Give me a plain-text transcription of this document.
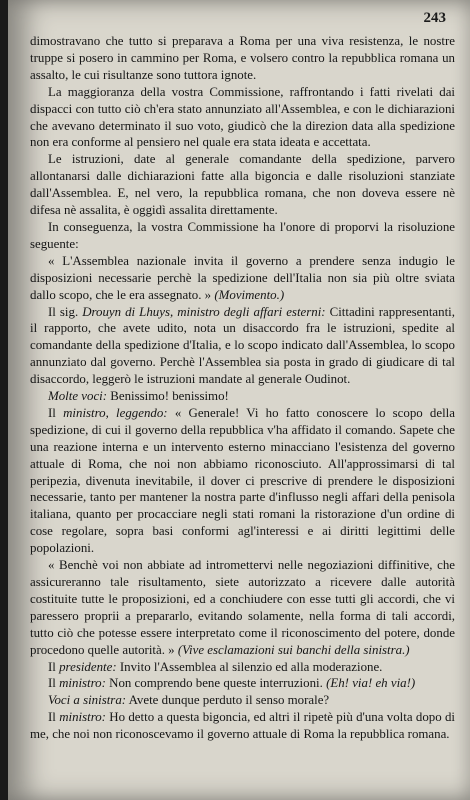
243

dimostravano che tutto si preparava a Roma per una viva resistenza, le nostre truppe si posero in cammino per Roma, e volsero contro la repubblica romana un assalto, le cui risultanze sono tuttora ignote.

La maggioranza della vostra Commissione, raffrontando i fatti rivelati dai dispacci con tutto ciò ch'era stato annunziato all'Assemblea, e con le dichiarazioni che avevano determinato il suo voto, giudicò che la direzion data alla spedizione non era conforme al pensiero nel quale era stata ideata e accettata.

Le istruzioni, date al generale comandante della spedizione, parvero allontanarsi dalle dichiarazioni fatte alla bigoncia e dalle risoluzioni stanziate dall'Assemblea. E, nel vero, la repubblica romana, che non doveva essere nè difesa nè assalita, è oggidì assalita direttamente.

In conseguenza, la vostra Commissione ha l'onore di proporvi la risoluzione seguente:

« L'Assemblea nazionale invita il governo a prendere senza indugio le disposizioni necessarie perchè la spedizione dell'Italia non sia più oltre sviata dallo scopo, che le era assegnato. » (Movimento.)

Il sig. Drouyn di Lhuys, ministro degli affari esterni: Cittadini rappresentanti, il rapporto, che avete udito, nota un disaccordo fra le istruzioni, spedite al comandante della spedizione d'Italia, e lo scopo indicato dall'Assemblea, lo scopo annunziato dal governo. Perchè l'Assemblea sia posta in grado di giudicare di tal disaccordo, leggerò le istruzioni mandate al generale Oudinot.

Molte voci: Benissimo! benissimo!

Il ministro, leggendo: « Generale! Vi ho fatto conoscere lo scopo della spedizione, di cui il governo della repubblica v'ha affidato il comando. Sapete che una reazione interna e un intervento esterno minacciano l'esistenza del governo attuale di Roma, che noi non abbiamo riconosciuto. All'approssimarsi di tal peripezia, divenuta inevitabile, il dover ci prescrive di prendere le disposizioni necessarie, tanto per mantener la nostra parte d'influsso negli affari della penisola italiana, quanto per procacciare negli stati romani la ristorazione d'un ordine di cose regolare, sopra basi conformi agl'interessi e ai diritti legittimi delle popolazioni.

« Benchè voi non abbiate ad intromettervi nelle negoziazioni diffinitive, che assicureranno tale risultamento, siete autorizzato a ricevere dalle autorità costituite tutte le proposizioni, ed a conchiudere con esse tutti gli accordi, che vi paressero proprii a prepararlo, evitando solamente, nella forma di tali accordi, tutto ciò che potesse essere interpretato come il riconoscimento del potere, donde procedono quelle autorità. » (Vive esclamazioni sui banchi della sinistra.)

Il presidente: Invito l'Assemblea al silenzio ed alla moderazione.

Il ministro: Non comprendo bene queste interruzioni. (Eh! via! eh via!)

Voci a sinistra: Avete dunque perduto il senso morale?

Il ministro: Ho detto a questa bigoncia, ed altri il ripetè più d'una volta dopo di me, che noi non riconoscevamo il governo attuale di Roma la repubblica romana.
